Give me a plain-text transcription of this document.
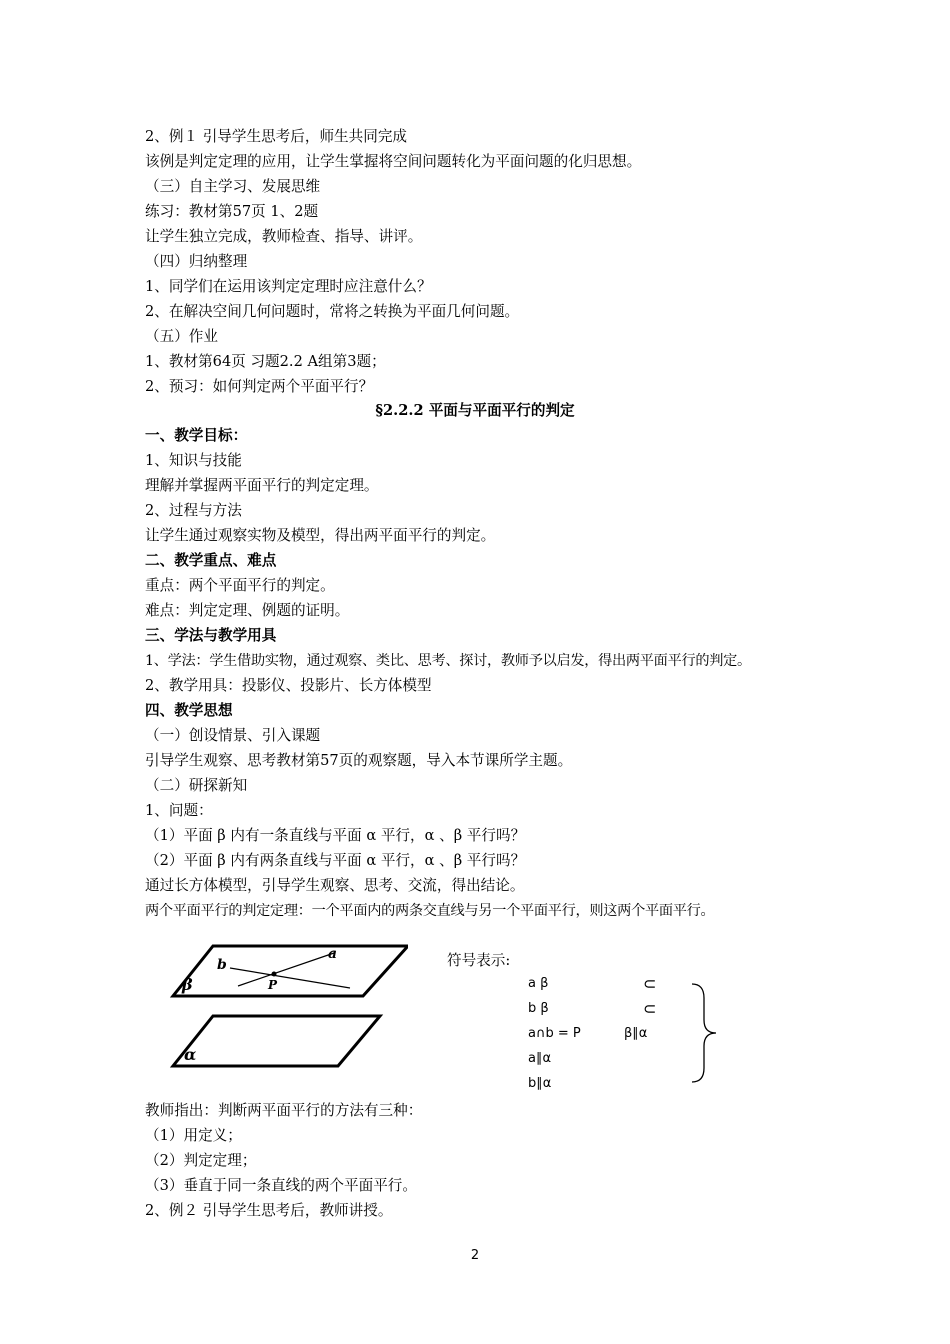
2、例１ 引导学生思考后，师生共同完成
该例是判定定理的应用，让学生掌握将空间问题转化为平面问题的化归思想。
（三）自主学习、发展思维
练习：教材第57页 1、2题
让学生独立完成，教师检查、指导、讲评。
（四）归纳整理
1、同学们在运用该判定定理时应注意什么？
2、在解决空间几何问题时，常将之转换为平面几何问题。
（五）作业
1、教材第64页 习题2.2 A组第3题；
2、预习：如何判定两个平面平行？
§2.2.2 平面与平面平行的判定
一、教学目标：
1、知识与技能
理解并掌握两平面平行的判定定理。
2、过程与方法
让学生通过观察实物及模型，得出两平面平行的判定。
二、教学重点、难点
重点：两个平面平行的判定。
难点：判定定理、例题的证明。
三、学法与教学用具
1、学法：学生借助实物，通过观察、类比、思考、探讨，教师予以启发，得出两平面平行的判定。
2、教学用具：投影仪、投影片、长方体模型
四、教学思想
（一）创设情景、引入课题
引导学生观察、思考教材第57页的观察题，导入本节课所学主题。
（二）研探新知
1、问题：
（1）平面 β 内有一条直线与平面 α 平行，α 、β 平行吗？
（2）平面 β 内有两条直线与平面 α 平行，α 、β 平行吗？
通过长方体模型，引导学生观察、思考、交流，得出结论。
两个平面平行的判定定理：一个平面内的两条交直线与另一个平面平行，则这两个平面平行。
β
b
a
P
α
符号表示:
a β	⊂
b β	⊂
a∩b = P	β∥α
a∥α
b∥α
教师指出：判断两平面平行的方法有三种：
（1）用定义；
（2）判定定理；
（3）垂直于同一条直线的两个平面平行。
2、例２ 引导学生思考后，教师讲授。
2
